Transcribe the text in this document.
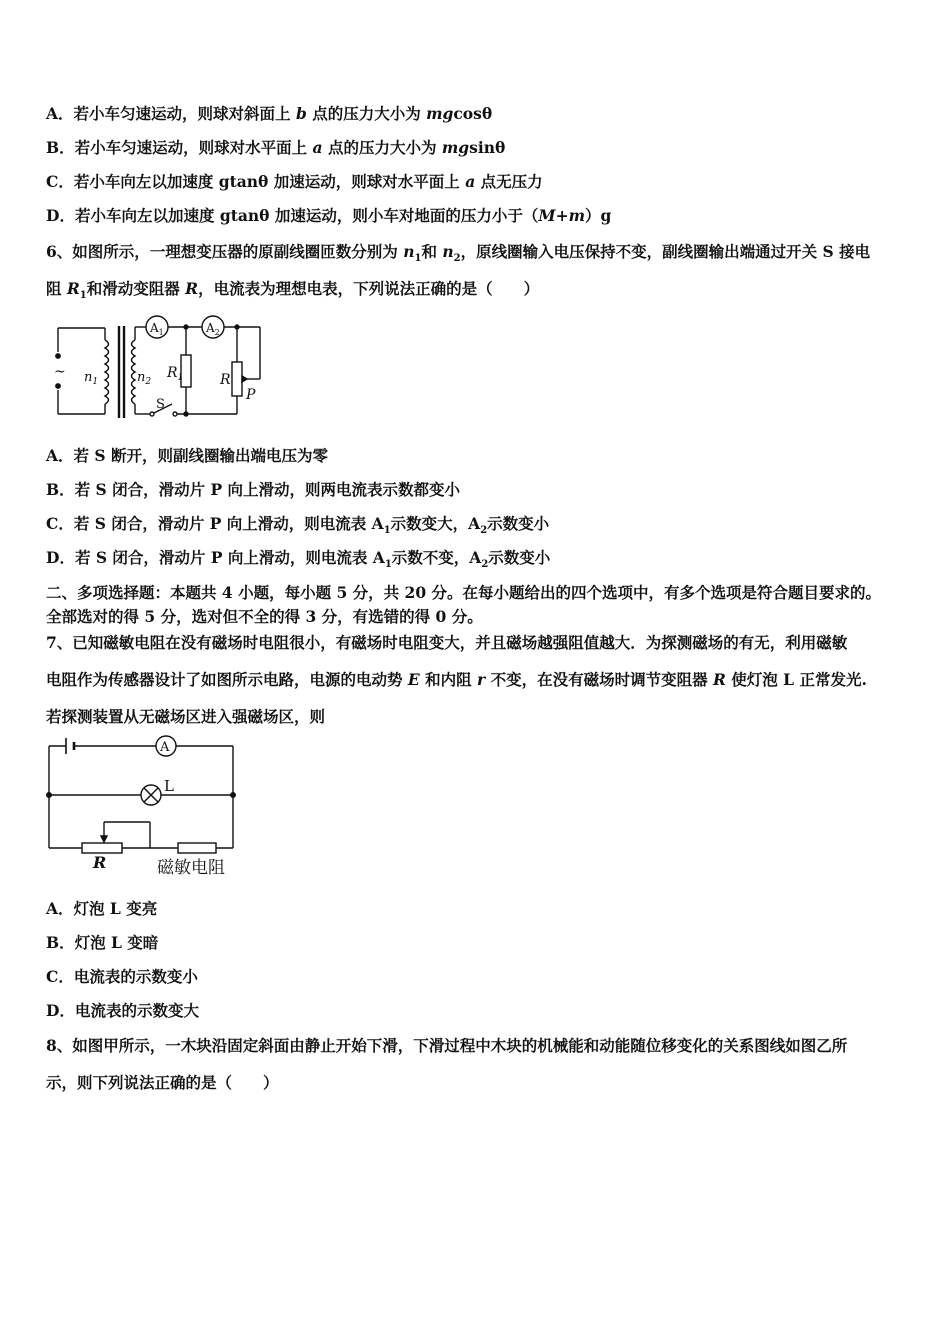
A．若小车匀速运动，则球对斜面上 b 点的压力大小为 mgcosθ
B．若小车匀速运动，则球对水平面上 a 点的压力大小为 mgsinθ
C．若小车向左以加速度 gtanθ 加速运动，则球对水平面上 a 点无压力
D．若小车向左以加速度 gtanθ 加速运动，则小车对地面的压力小于（M+m）g
6、如图所示，一理想变压器的原副线圈匝数分别为 $n_1$和 $n_2$，原线圈输入电压保持不变，副线圈输出端通过开关 S 接电
阻 $R_1$和滑动变阻器 R，电流表为理想电表，下列说法正确的是（　　）
~ $n_1$	$n_2$
$A_1$	$A_2$
$R_1$	R
P
S
A．若 S 断开，则副线圈输出端电压为零
B．若 S 闭合，滑动片 P 向上滑动，则两电流表示数都变小
C．若 S 闭合，滑动片 P 向上滑动，则电流表 $A_1$示数变大，$A_2$示数变小
D．若 S 闭合，滑动片 P 向上滑动，则电流表 $A_1$示数不变，$A_2$示数变小
二、多项选择题：本题共 4 小题，每小题 5 分，共 20 分。在每小题给出的四个选项中，有多个选项是符合题目要求的。
全部选对的得 5 分，选对但不全的得 3 分，有选错的得 0 分。
7、已知磁敏电阻在没有磁场时电阻很小，有磁场时电阻变大，并且磁场越强阻值越大．为探测磁场的有无，利用磁敏
电阻作为传感器设计了如图所示电路，电源的电动势 E 和内阻 r 不变，在没有磁场时调节变阻器 R 使灯泡 L 正常发光.
若探测装置从无磁场区进入强磁场区，则
A
L
R	磁敏电阻
A．灯泡 L 变亮
B．灯泡 L 变暗
C．电流表的示数变小
D．电流表的示数变大
8、如图甲所示，一木块沿固定斜面由静止开始下滑，下滑过程中木块的机械能和动能随位移变化的关系图线如图乙所
示，则下列说法正确的是（　　）
